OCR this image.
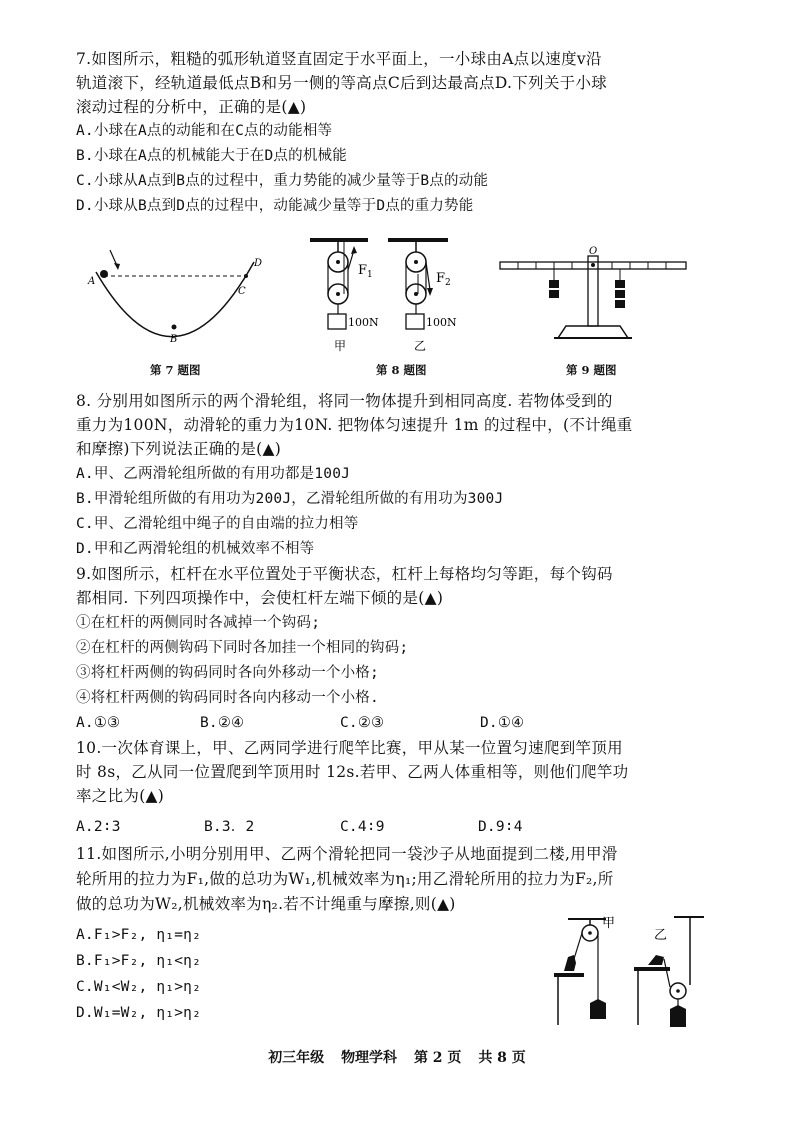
7.如图所示，粗糙的弧形轨道竖直固定于水平面上，一小球由A点以速度v沿
轨道滚下，经轨道最低点B和另一侧的等高点C后到达最高点D.下列关于小球
滚动过程的分析中，正确的是(▲)
A.小球在A点的动能和在C点的动能相等
B.小球在A点的机械能大于在D点的机械能
C.小球从A点到B点的过程中，重力势能的减少量等于B点的动能
D.小球从B点到D点的过程中，动能减少量等于D点的重力势能
A
B
C
D
第 7 题图
$F_1$	$F_2$
100N	100N
甲	乙
第 8 题图
O
第 9 题图
8. 分别用如图所示的两个滑轮组，将同一物体提升到相同高度. 若物体受到的
重力为100N，动滑轮的重力为10N. 把物体匀速提升 1m 的过程中，(不计绳重
和摩擦)下列说法正确的是(▲)
A.甲、乙两滑轮组所做的有用功都是100J
B.甲滑轮组所做的有用功为200J，乙滑轮组所做的有用功为300J
C.甲、乙滑轮组中绳子的自由端的拉力相等
D.甲和乙两滑轮组的机械效率不相等
9.如图所示，杠杆在水平位置处于平衡状态，杠杆上每格均匀等距，每个钩码
都相同. 下列四项操作中，会使杠杆左端下倾的是(▲)
①在杠杆的两侧同时各减掉一个钩码;
②在杠杆的两侧钩码下同时各加挂一个相同的钩码;
③将杠杆两侧的钩码同时各向外移动一个小格;
④将杠杆两侧的钩码同时各向内移动一个小格.
A.①③	B.②④	C.②③	D.①④
10.一次体育课上，甲、乙两同学进行爬竿比赛，甲从某一位置匀速爬到竿顶用
时 8s，乙从同一位置爬到竿顶用时 12s.若甲、乙两人体重相等，则他们爬竿功
率之比为(▲)
A.2∶3	B.3．2	C.4∶9	D.9∶4
11.如图所示,小明分别用甲、乙两个滑轮把同一袋沙子从地面提到二楼,用甲滑
轮所用的拉力为F₁,做的总功为W₁,机械效率为η₁;用乙滑轮所用的拉力为F₂,所
做的总功为W₂,机械效率为η₂.若不计绳重与摩擦,则(▲)
A.F₁>F₂, η₁=η₂
B.F₁>F₂, η₁<η₂
C.W₁<W₂, η₁>η₂
D.W₁=W₂, η₁>η₂
甲
乙
初三年级 物理学科 第 2 页 共 8 页
